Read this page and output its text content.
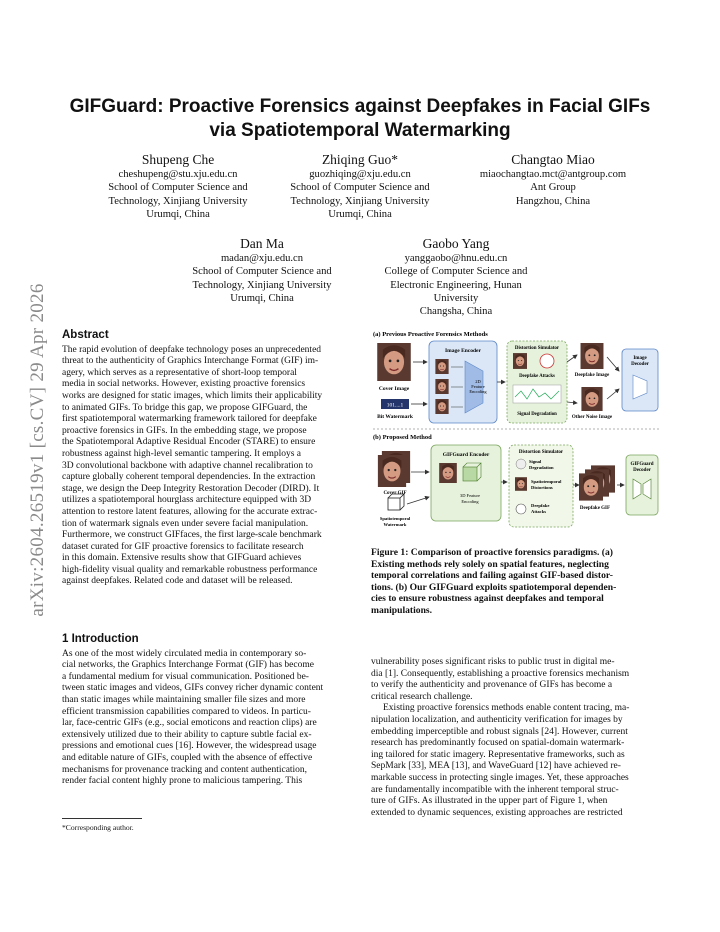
arXiv:2604.26519v1 [cs.CV] 29 Apr 2026
GIFGuard: Proactive Forensics against Deepfakes in Facial GIFs
via Spatiotemporal Watermarking
Shupeng Che
cheshupeng@stu.xju.edu.cn
School of Computer Science and
Technology, Xinjiang University
Urumqi, China
Zhiqing Guo*
guozhiqing@xju.edu.cn
School of Computer Science and
Technology, Xinjiang University
Urumqi, China
Changtao Miao
miaochangtao.mct@antgroup.com
Ant Group
Hangzhou, China
Dan Ma
madan@xju.edu.cn
School of Computer Science and
Technology, Xinjiang University
Urumqi, China
Gaobo Yang
yanggaobo@hnu.edu.cn
College of Computer Science and
Electronic Engineering, Hunan
University
Changsha, China
Abstract
The rapid evolution of deepfake technology poses an unprecedented
threat to the authenticity of Graphics Interchange Format (GIF) im-
agery, which serves as a representative of short-loop temporal
media in social networks. However, existing proactive forensics
works are designed for static images, which limits their applicability
to animated GIFs. To bridge this gap, we propose GIFGuard, the
first spatiotemporal watermarking framework tailored for deepfake
proactive forensics in GIFs. In the embedding stage, we propose
the Spatiotemporal Adaptive Residual Encoder (STARE) to ensure
robustness against high-level semantic tampering. It employs a
3D convolutional backbone with adaptive channel recalibration to
capture globally coherent temporal dependencies. In the extraction
stage, we design the Deep Integrity Restoration Decoder (DIRD). It
utilizes a spatiotemporal hourglass architecture equipped with 3D
attention to restore latent features, allowing for the accurate extrac-
tion of watermark signals even under severe facial manipulation.
Furthermore, we construct GIFfaces, the first large-scale benchmark
dataset curated for GIF proactive forensics to facilitate research
in this domain. Extensive results show that GIFGuard achieves
high-fidelity visual quality and remarkable robustness performance
against deepfakes. Related code and dataset will be released.
1 Introduction
As one of the most widely circulated media in contemporary so-
cial networks, the Graphics Interchange Format (GIF) has become
a fundamental medium for visual communication. Positioned be-
tween static images and videos, GIFs convey richer dynamic content
than static images while maintaining smaller file sizes and more
efficient transmission capabilities compared to videos. In particu-
lar, face-centric GIFs (e.g., social emoticons and reaction clips) are
extensively utilized due to their ability to capture subtle facial ex-
pressions and emotional cues [16]. However, the widespread usage
and editable nature of GIFs, coupled with the absence of effective
mechanisms for provenance tracking and content authentication,
render facial content highly prone to malicious tampering. This
vulnerability poses significant risks to public trust in digital me-
dia [1]. Consequently, establishing a proactive forensics mechanism
to verify the authenticity and provenance of GIFs has become a
critical research challenge.
Existing proactive forensics methods enable content tracing, ma-
nipulation localization, and authenticity verification for images by
embedding imperceptible and robust signals [24]. However, current
research has predominantly focused on spatial-domain watermark-
ing tailored for static imagery. Representative frameworks, such as
SepMark [33], MEA [13], and WaveGuard [12] have achieved re-
markable success in protecting single images. Yet, these approaches
are fundamentally incompatible with the inherent temporal struc-
ture of GIFs. As illustrated in the upper part of Figure 1, when
extended to dynamic sequences, existing approaches are restricted
(a) Previous Proactive Forensics Methods
Cover Image
101....1
Bit Watermark
Image Encoder
2D
Feature
Encoding
Distortion Simulator
Deepfake Attacks
Signal Degradation
Deepfake Image
Other Noise Image
Image
Decoder
(b) Proposed Method
Cover GIF
Spatiotemporal
Watermark
GIFGuard Encoder
3D Feature
Encoding
Distortion Simulator
Signal
Degradation
Spatiotemporal
Distortions
Deepfake
Attacks
Deepfake GIF
GIFGuard
Decoder
Figure 1: Comparison of proactive forensics paradigms. (a)
Existing methods rely solely on spatial features, neglecting
temporal correlations and failing against GIF-based distor-
tions. (b) Our GIFGuard exploits spatiotemporal dependen-
cies to ensure robustness against deepfakes and temporal
manipulations.
*Corresponding author.
